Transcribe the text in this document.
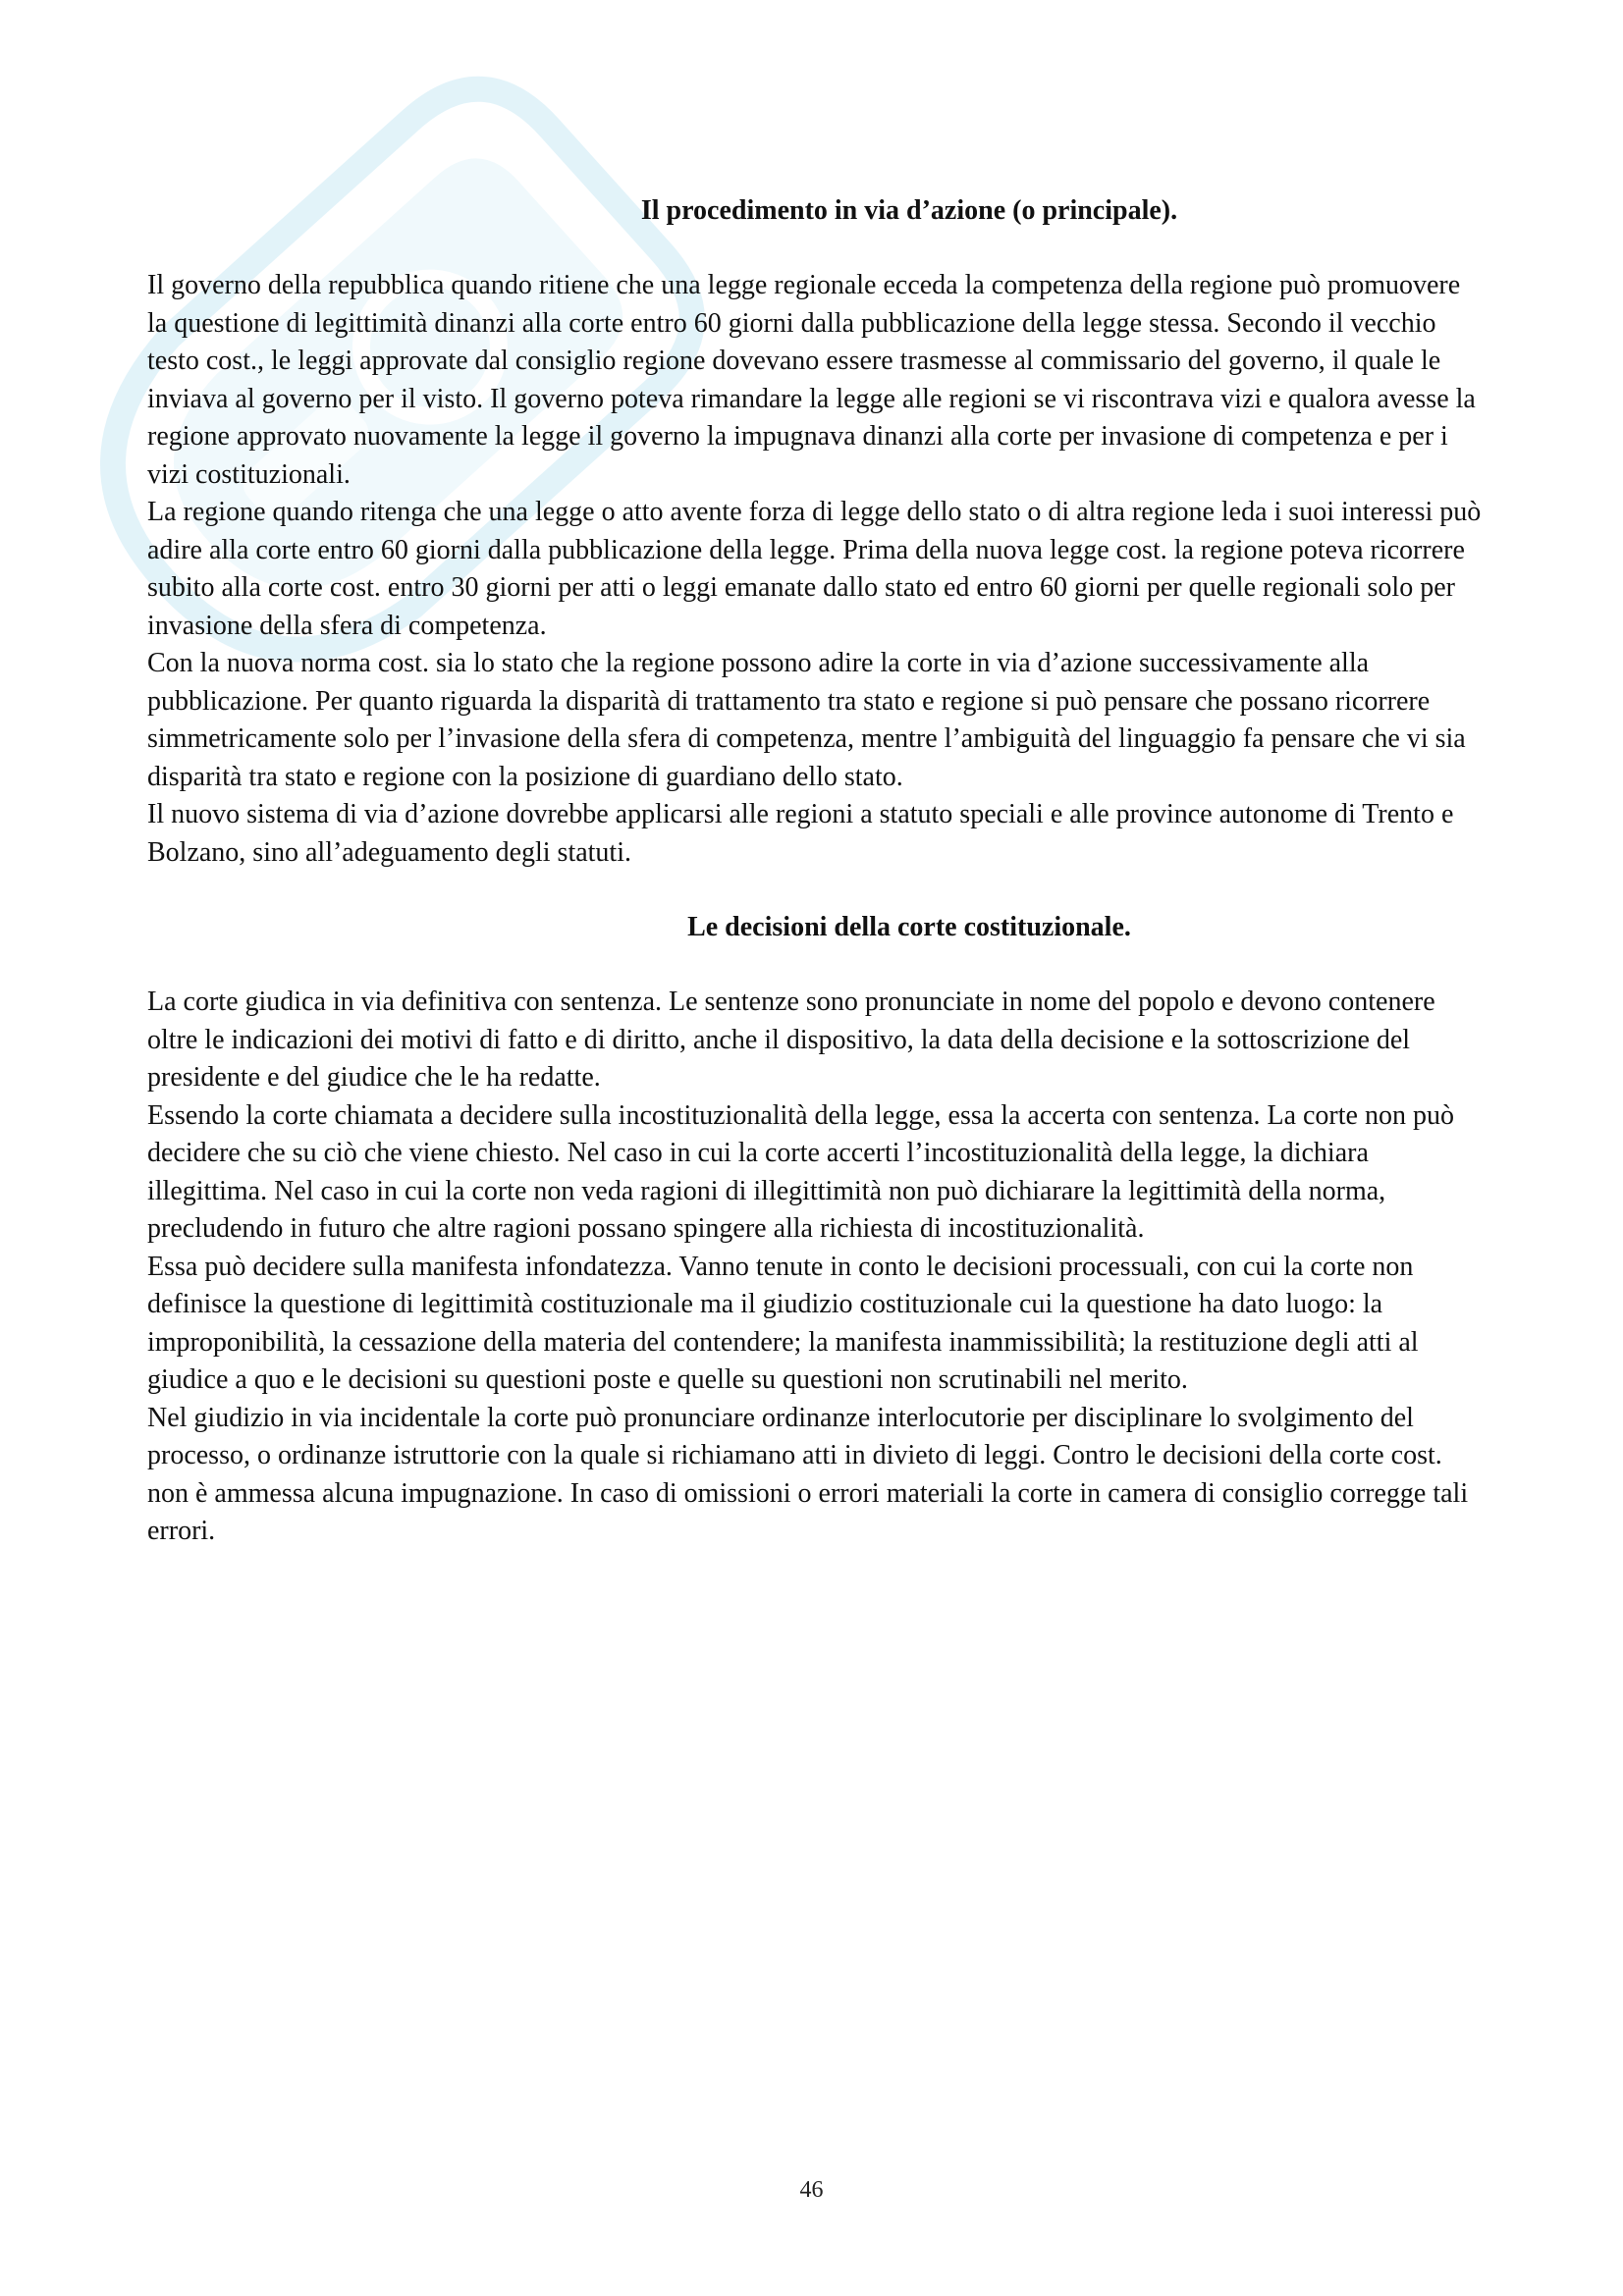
Il procedimento in via d’azione (o principale).

Il governo della repubblica quando ritiene che una legge regionale ecceda la competenza della regione può promuovere la questione di legittimità dinanzi alla corte entro 60 giorni dalla pubblicazione della legge stessa. Secondo il vecchio testo cost., le leggi approvate dal consiglio regione dovevano essere trasmesse al commissario del governo, il quale le inviava al governo per il visto. Il governo poteva rimandare la legge alle regioni se vi riscontrava vizi e qualora avesse la regione approvato nuovamente la legge il governo la impugnava dinanzi alla corte per invasione di competenza e per i vizi costituzionali.

La regione quando ritenga che una legge o atto avente forza di legge dello stato o di altra regione leda i suoi interessi può adire alla corte entro 60 giorni dalla pubblicazione della legge. Prima della nuova legge cost. la regione poteva ricorrere subito alla corte cost. entro 30 giorni per atti o leggi emanate dallo stato ed entro 60 giorni per quelle regionali solo per invasione della sfera di competenza.

Con la nuova norma cost. sia lo stato che la regione possono adire la corte in via d’azione successivamente alla pubblicazione. Per quanto riguarda la disparità di trattamento tra stato e regione si può pensare che possano ricorrere simmetricamente solo per l’invasione della sfera di competenza, mentre l’ambiguità del linguaggio fa pensare che vi sia disparità tra stato e regione con la posizione di guardiano dello stato.

Il nuovo sistema di via d’azione dovrebbe applicarsi alle regioni a statuto speciali e alle province autonome di Trento e Bolzano, sino all’adeguamento degli statuti.

Le decisioni della corte costituzionale.

La corte giudica in via definitiva con sentenza. Le sentenze sono pronunciate in nome del popolo e devono contenere oltre le indicazioni dei motivi di fatto e di diritto, anche il dispositivo, la data della decisione e la sottoscrizione del presidente e del giudice che le ha redatte.

Essendo la corte chiamata a decidere sulla incostituzionalità della legge, essa la accerta con sentenza. La corte non può decidere che su ciò che viene chiesto. Nel caso in cui la corte accerti l’incostituzionalità della legge, la dichiara illegittima. Nel caso in cui la corte non veda ragioni di illegittimità non può dichiarare la legittimità della norma, precludendo in futuro che altre ragioni possano spingere alla richiesta di incostituzionalità.

Essa può decidere sulla manifesta infondatezza. Vanno tenute in conto le decisioni processuali, con cui la corte non definisce la questione di legittimità costituzionale ma il giudizio costituzionale cui la questione ha dato luogo: la improponibilità, la cessazione della materia del contendere; la manifesta inammissibilità; la restituzione degli atti al giudice a quo e le decisioni su questioni poste e quelle su questioni non scrutinabili nel merito.

Nel giudizio in via incidentale la corte può pronunciare ordinanze interlocutorie per disciplinare lo svolgimento del processo, o ordinanze istruttorie con la quale si richiamano atti in divieto di leggi. Contro le decisioni della corte cost. non è ammessa alcuna impugnazione. In caso di omissioni o errori materiali la corte in camera di consiglio corregge tali errori.

46
